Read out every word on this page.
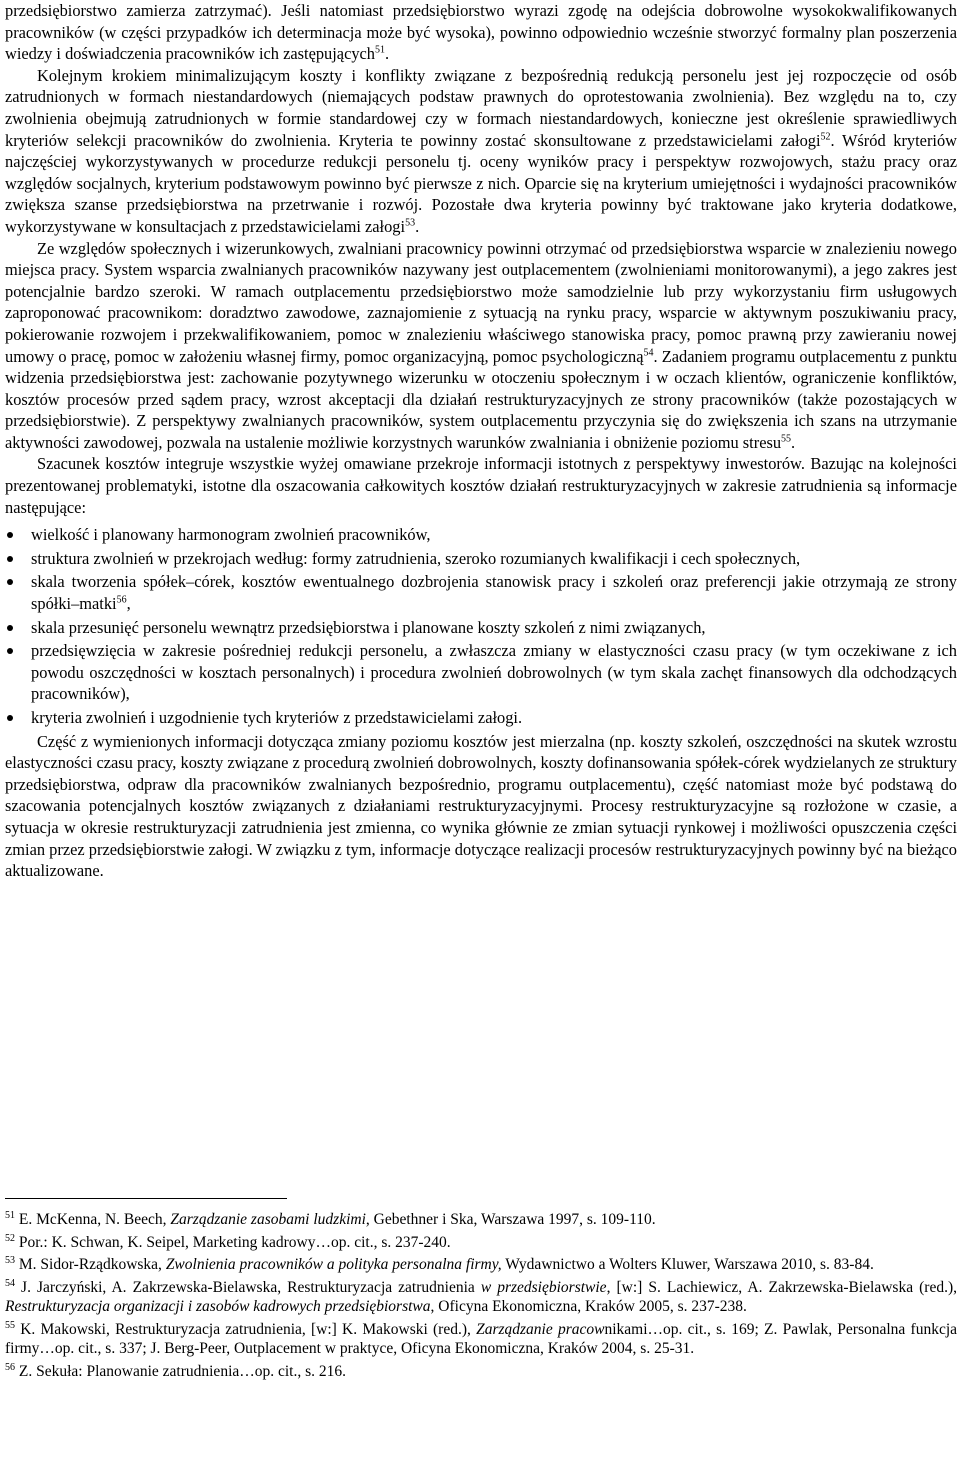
przedsiębiorstwo zamierza zatrzymać). Jeśli natomiast przedsiębiorstwo wyrazi zgodę na odejścia dobrowolne wysokokwalifikowanych pracowników (w części przypadków ich determinacja może być wysoka), powinno odpowiednio wcześnie stworzyć formalny plan poszerzenia wiedzy i doświadczenia pracowników ich zastępujących$^{51}$.

Kolejnym krokiem minimalizującym koszty i konflikty związane z bezpośrednią redukcją personelu jest jej rozpoczęcie od osób zatrudnionych w formach niestandardowych (niemających podstaw prawnych do oprotestowania zwolnienia). Bez względu na to, czy zwolnienia obejmują zatrudnionych w formie standardowej czy w formach niestandardowych, konieczne jest określenie sprawiedliwych kryteriów selekcji pracowników do zwolnienia. Kryteria te powinny zostać skonsultowane z przedstawicielami załogi$^{52}$. Wśród kryteriów najczęściej wykorzystywanych w procedurze redukcji personelu tj. oceny wyników pracy i perspektyw rozwojowych, stażu pracy oraz względów socjalnych, kryterium podstawowym powinno być pierwsze z nich. Oparcie się na kryterium umiejętności i wydajności pracowników zwiększa szanse przedsiębiorstwa na przetrwanie i rozwój. Pozostałe dwa kryteria powinny być traktowane jako kryteria dodatkowe, wykorzystywane w konsultacjach z przedstawicielami załogi$^{53}$.

Ze względów społecznych i wizerunkowych, zwalniani pracownicy powinni otrzymać od przedsiębiorstwa wsparcie w znalezieniu nowego miejsca pracy. System wsparcia zwalnianych pracowników nazywany jest outplacementem (zwolnieniami monitorowanymi), a jego zakres jest potencjalnie bardzo szeroki. W ramach outplacementu przedsiębiorstwo może samodzielnie lub przy wykorzystaniu firm usługowych zaproponować pracownikom: doradztwo zawodowe, zaznajomienie z sytuacją na rynku pracy, wsparcie w aktywnym poszukiwaniu pracy, pokierowanie rozwojem i przekwalifikowaniem, pomoc w znalezieniu właściwego stanowiska pracy, pomoc prawną przy zawieraniu nowej umowy o pracę, pomoc w założeniu własnej firmy, pomoc organizacyjną, pomoc psychologiczną$^{54}$. Zadaniem programu outplacementu z punktu widzenia przedsiębiorstwa jest: zachowanie pozytywnego wizerunku w otoczeniu społecznym i w oczach klientów, ograniczenie konfliktów, kosztów procesów przed sądem pracy, wzrost akceptacji dla działań restrukturyzacyjnych ze strony pracowników (także pozostających w przedsiębiorstwie). Z perspektywy zwalnianych pracowników, system outplacementu przyczynia się do zwiększenia ich szans na utrzymanie aktywności zawodowej, pozwala na ustalenie możliwie korzystnych warunków zwalniania i obniżenie poziomu stresu$^{55}$.

Szacunek kosztów integruje wszystkie wyżej omawiane przekroje informacji istotnych z perspektywy inwestorów. Bazując na kolejności prezentowanej problematyki, istotne dla oszacowania całkowitych kosztów działań restrukturyzacyjnych w zakresie zatrudnienia są informacje następujące:

wielkość i planowany harmonogram zwolnień pracowników,
struktura zwolnień w przekrojach według: formy zatrudnienia, szeroko rozumianych kwalifikacji i cech społecznych,
skala tworzenia spółek–córek, kosztów ewentualnego dozbrojenia stanowisk pracy i szkoleń oraz preferencji jakie otrzymają ze strony spółki–matki$^{56}$,
skala przesunięć personelu wewnątrz przedsiębiorstwa i planowane koszty szkoleń z nimi związanych,
przedsięwzięcia w zakresie pośredniej redukcji personelu, a zwłaszcza zmiany w elastyczności czasu pracy (w tym oczekiwane z ich powodu oszczędności w kosztach personalnych) i procedura zwolnień dobrowolnych (w tym skala zachęt finansowych dla odchodzących pracowników),
kryteria zwolnień i uzgodnienie tych kryteriów z przedstawicielami załogi.

Część z wymienionych informacji dotycząca zmiany poziomu kosztów jest mierzalna (np. koszty szkoleń, oszczędności na skutek wzrostu elastyczności czasu pracy, koszty związane z procedurą zwolnień dobrowolnych, koszty dofinansowania spółek-córek wydzielanych ze struktury przedsiębiorstwa, odpraw dla pracowników zwalnianych bezpośrednio, programu outplacementu), część natomiast może być podstawą do szacowania potencjalnych kosztów związanych z działaniami restrukturyzacyjnymi. Procesy restrukturyzacyjne są rozłożone w czasie, a sytuacja w okresie restrukturyzacji zatrudnienia jest zmienna, co wynika głównie ze zmian sytuacji rynkowej i możliwości opuszczenia części zmian przez przedsiębiorstwie załogi. W związku z tym, informacje dotyczące realizacji procesów restrukturyzacyjnych powinny być na bieżąco aktualizowane.

$^{51}$ E. McKenna, N. Beech, Zarządzanie zasobami ludzkimi, Gebethner i Ska, Warszawa 1997, s. 109-110.

$^{52}$ Por.: K. Schwan, K. Seipel, Marketing kadrowy…op. cit., s. 237-240.

$^{53}$ M. Sidor-Rządkowska, Zwolnienia pracowników a polityka personalna firmy, Wydawnictwo a Wolters Kluwer, Warszawa 2010, s. 83-84.

$^{54}$ J. Jarczyński, A. Zakrzewska-Bielawska, Restrukturyzacja zatrudnienia w przedsiębiorstwie, [w:] S. Lachiewicz, A. Zakrzewska-Bielawska (red.), Restrukturyzacja organizacji i zasobów kadrowych przedsiębiorstwa, Oficyna Ekonomiczna, Kraków 2005, s. 237-238.

$^{55}$ K. Makowski, Restrukturyzacja zatrudnienia, [w:] K. Makowski (red.), Zarządzanie pracownikami…op. cit., s. 169; Z. Pawlak, Personalna funkcja firmy…op. cit., s. 337; J. Berg-Peer, Outplacement w praktyce, Oficyna Ekonomiczna, Kraków 2004, s. 25-31.

$^{56}$ Z. Sekuła: Planowanie zatrudnienia…op. cit., s. 216.
